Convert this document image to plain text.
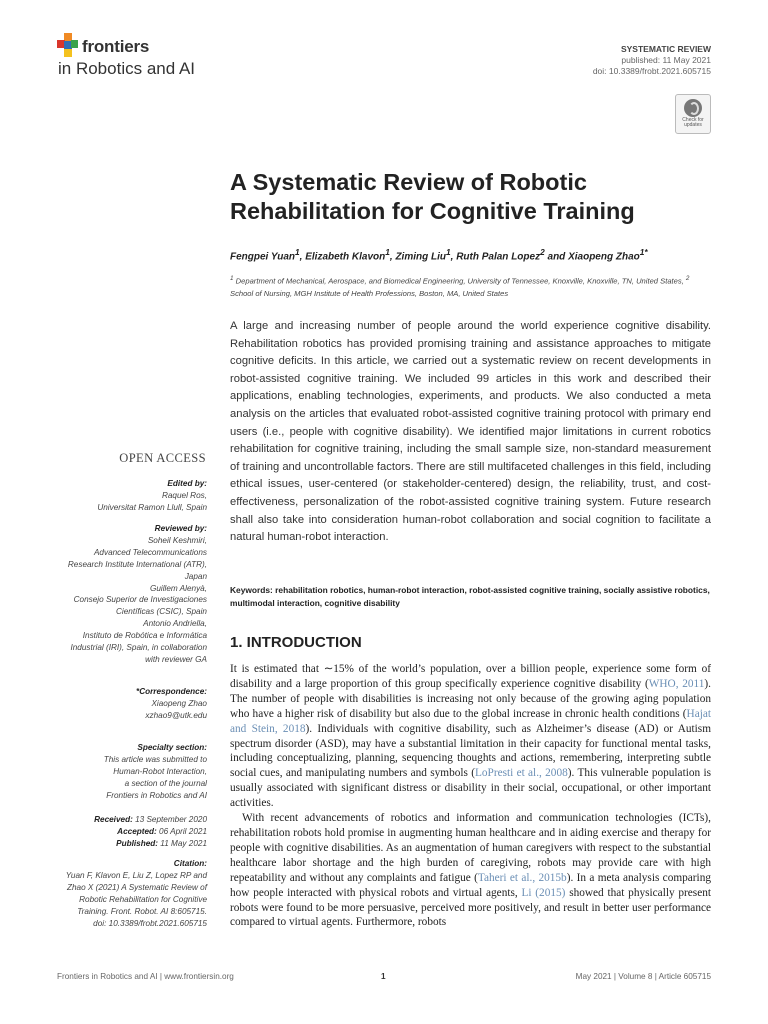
frontiers
in Robotics and AI
SYSTEMATIC REVIEW
published: 11 May 2021
doi: 10.3389/frobt.2021.605715
Check for
updates
A Systematic Review of Robotic
Rehabilitation for Cognitive Training
Fengpei Yuan$^1$, Elizabeth Klavon$^1$, Ziming Liu$^1$, Ruth Palan Lopez$^2$ and Xiaopeng Zhao$^{1*}$
$^1$ Department of Mechanical, Aerospace, and Biomedical Engineering, University of Tennessee, Knoxville, Knoxville, TN, United States, $^2$ School of Nursing, MGH Institute of Health Professions, Boston, MA, United States
A large and increasing number of people around the world experience cognitive disability. Rehabilitation robotics has provided promising training and assistance approaches to mitigate cognitive deficits. In this article, we carried out a systematic review on recent developments in robot-assisted cognitive training. We included 99 articles in this work and described their applications, enabling technologies, experiments, and products. We also conducted a meta analysis on the articles that evaluated robot-assisted cognitive training protocol with primary end users (i.e., people with cognitive disability). We identified major limitations in current robotics rehabilitation for cognitive training, including the small sample size, non-standard measurement of training and uncontrollable factors. There are still multifaceted challenges in this field, including ethical issues, user-centered (or stakeholder-centered) design, the reliability, trust, and cost-effectiveness, personalization of the robot-assisted cognitive training system. Future research shall also take into consideration human-robot collaboration and social cognition to facilitate a natural human-robot interaction.
Keywords: rehabilitation robotics, human-robot interaction, robot-assisted cognitive training, socially assistive robotics, multimodal interaction, cognitive disability
1. INTRODUCTION

It is estimated that ∼15% of the world’s population, over a billion people, experience some form of disability and a large proportion of this group specifically experience cognitive disability (WHO, 2011). The number of people with disabilities is increasing not only because of the growing aging population who have a higher risk of disability but also due to the global increase in chronic health conditions (Hajat and Stein, 2018). Individuals with cognitive disability, such as Alzheimer’s disease (AD) or Autism spectrum disorder (ASD), may have a substantial limitation in their capacity for functional mental tasks, including conceptualizing, planning, sequencing thoughts and actions, remembering, interpreting subtle social cues, and manipulating numbers and symbols (LoPresti et al., 2008). This vulnerable population is usually associated with significant distress or disability in their social, occupational, or other important activities.

With recent advancements of robotics and information and communication technologies (ICTs), rehabilitation robots hold promise in augmenting human healthcare and in aiding exercise and therapy for people with cognitive disabilities. As an augmentation of human caregivers with respect to the substantial healthcare labor shortage and the high burden of caregiving, robots may provide care with high repeatability and without any complaints and fatigue (Taheri et al., 2015b). In a meta analysis comparing how people interacted with physical robots and virtual agents, Li (2015) showed that physically present robots were found to be more persuasive, perceived more positively, and result in better user performance compared to virtual agents. Furthermore, robots

OPEN ACCESS
Edited by:
Raquel Ros,
Universitat Ramon Llull, Spain
Reviewed by:
Soheil Keshmiri,
Advanced Telecommunications
Research Institute International (ATR),
Japan
Guillem Alenyà,
Consejo Superior de Investigaciones
Científicas (CSIC), Spain
Antonio Andriella,
Instituto de Robótica e Informática
Industrial (IRI), Spain, in collaboration
with reviewer GA
*Correspondence:
Xiaopeng Zhao
xzhao9@utk.edu
Specialty section:
This article was submitted to
Human-Robot Interaction,
a section of the journal
Frontiers in Robotics and AI
Received: 13 September 2020
Accepted: 06 April 2021
Published: 11 May 2021
Citation:
Yuan F, Klavon E, Liu Z, Lopez RP and
Zhao X (2021) A Systematic Review of
Robotic Rehabilitation for Cognitive
Training. Front. Robot. AI 8:605715.
doi: 10.3389/frobt.2021.605715
Frontiers in Robotics and AI | www.frontiersin.org	1	May 2021 | Volume 8 | Article 605715
